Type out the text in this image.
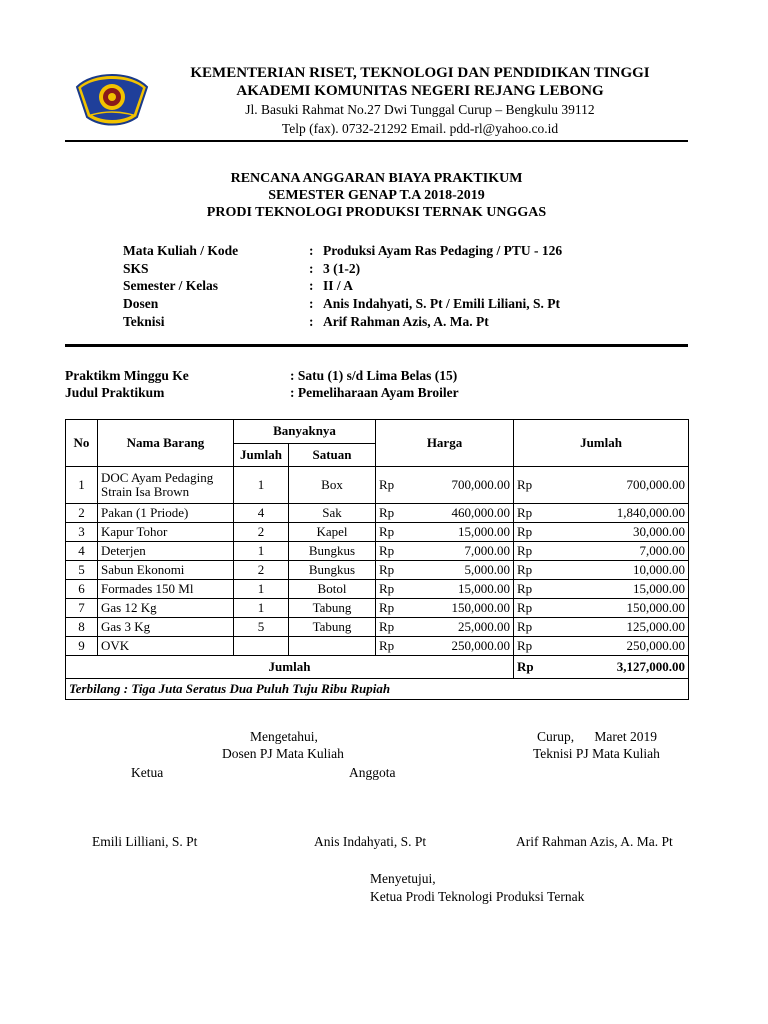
KEMENTERIAN RISET, TEKNOLOGI DAN PENDIDIKAN TINGGI
AKADEMI KOMUNITAS NEGERI REJANG LEBONG
Jl. Basuki Rahmat No.27 Dwi Tunggal Curup – Bengkulu 39112
Telp (fax). 0732-21292 Email. pdd-rl@yahoo.co.id
RENCANA ANGGARAN BIAYA PRAKTIKUM
SEMESTER GENAP T.A 2018-2019
PRODI TEKNOLOGI PRODUKSI TERNAK UNGGAS
Mata Kuliah / Kode	: Produksi Ayam Ras Pedaging / PTU - 126
SKS	: 3 (1-2)
Semester / Kelas	: II / A
Dosen	: Anis Indahyati, S. Pt / Emili Liliani, S. Pt
Teknisi	: Arif Rahman Azis, A. Ma. Pt
Praktikm Minggu Ke	: Satu (1) s/d Lima Belas (15)
Judul Praktikum	: Pemeliharaan Ayam Broiler
No	Nama Barang	Banyaknya		Harga		Jumlah	
		Jumlah	Satuan				
1	DOC Ayam Pedaging Strain Isa Brown	1	Box	Rp	700,000.00	Rp	700,000.00
2	Pakan (1 Priode)	4	Sak	Rp	460,000.00	Rp	1,840,000.00
3	Kapur Tohor	2	Kapel	Rp	15,000.00	Rp	30,000.00
4	Deterjen	1	Bungkus	Rp	7,000.00	Rp	7,000.00
5	Sabun Ekonomi	2	Bungkus	Rp	5,000.00	Rp	10,000.00
6	Formades 150 Ml	1	Botol	Rp	15,000.00	Rp	15,000.00
7	Gas 12 Kg	1	Tabung	Rp	150,000.00	Rp	150,000.00
8	Gas 3 Kg	5	Tabung	Rp	25,000.00	Rp	125,000.00
9	OVK			Rp	250,000.00	Rp	250,000.00
Jumlah						Rp	3,127,000.00
Terbilang : Tiga Juta Seratus Dua Puluh Tuju Ribu Rupiah							
Mengetahui,	Curup,      Maret 2019
Dosen PJ Mata Kuliah	Teknisi PJ Mata Kuliah
Ketua	Anggota
Emili Lilliani, S. Pt	Anis Indahyati, S. Pt	Arif Rahman Azis, A. Ma. Pt
Menyetujui,
Ketua Prodi Teknologi Produksi Ternak
